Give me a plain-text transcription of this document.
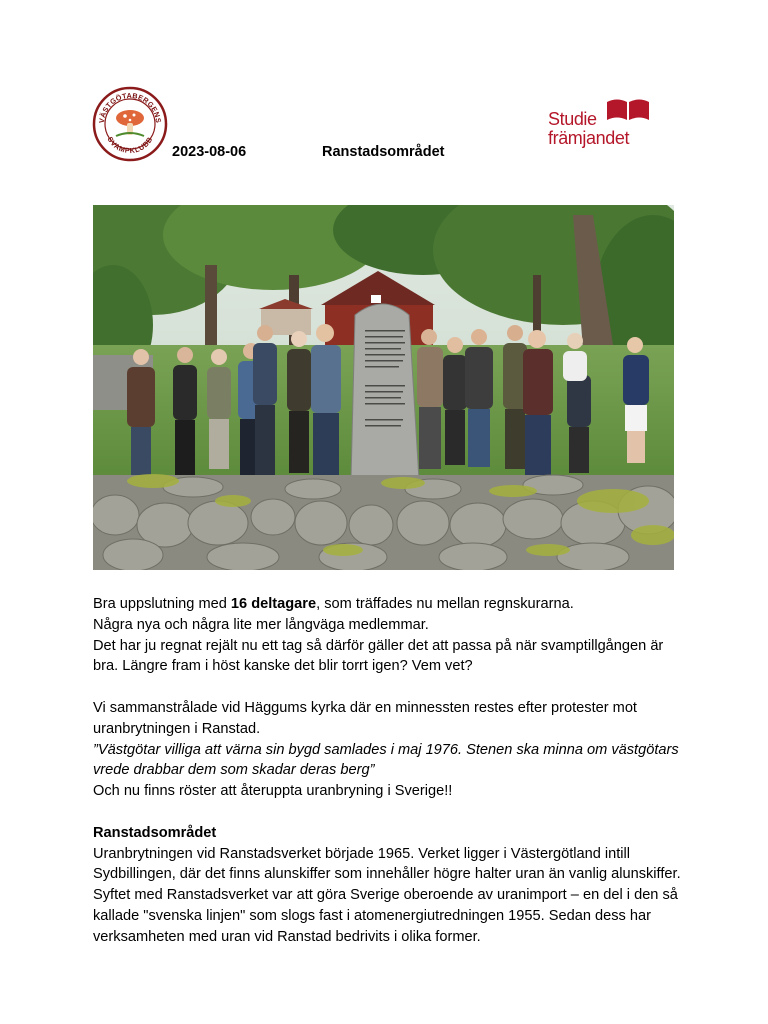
VÄSTGÖTABERGENS
SVAMPKLUBB
2023-08-06	Ranstadsområdet
Studie
främjandet

Bra uppslutning med 16 deltagare, som träffades nu mellan regnskurarna.

Några nya och några lite mer långväga medlemmar.

Det har ju regnat rejält nu ett tag så därför gäller det att passa på när svamptillgången är bra. Längre fram i höst kanske det blir torrt igen? Vem vet?

Vi sammanstrålade vid Häggums kyrka där en minnessten restes efter protester mot uranbrytningen i Ranstad.

”Västgötar villiga att värna sin bygd samlades i maj 1976. Stenen ska minna om västgötars vrede drabbar dem som skadar deras berg”

Och nu finns röster att återuppta uranbryning i Sverige!!

Ranstadsområdet

Uranbrytningen vid Ranstadsverket började 1965. Verket ligger i Västergötland intill Sydbillingen, där det finns alunskiffer som innehåller högre halter uran än vanlig alunskiffer. Syftet med Ranstadsverket var att göra Sverige oberoende av uranimport – en del i den så kallade "svenska linjen" som slogs fast i atomenergiutredningen 1955. Sedan dess har verksamheten med uran vid Ranstad bedrivits i olika former.
